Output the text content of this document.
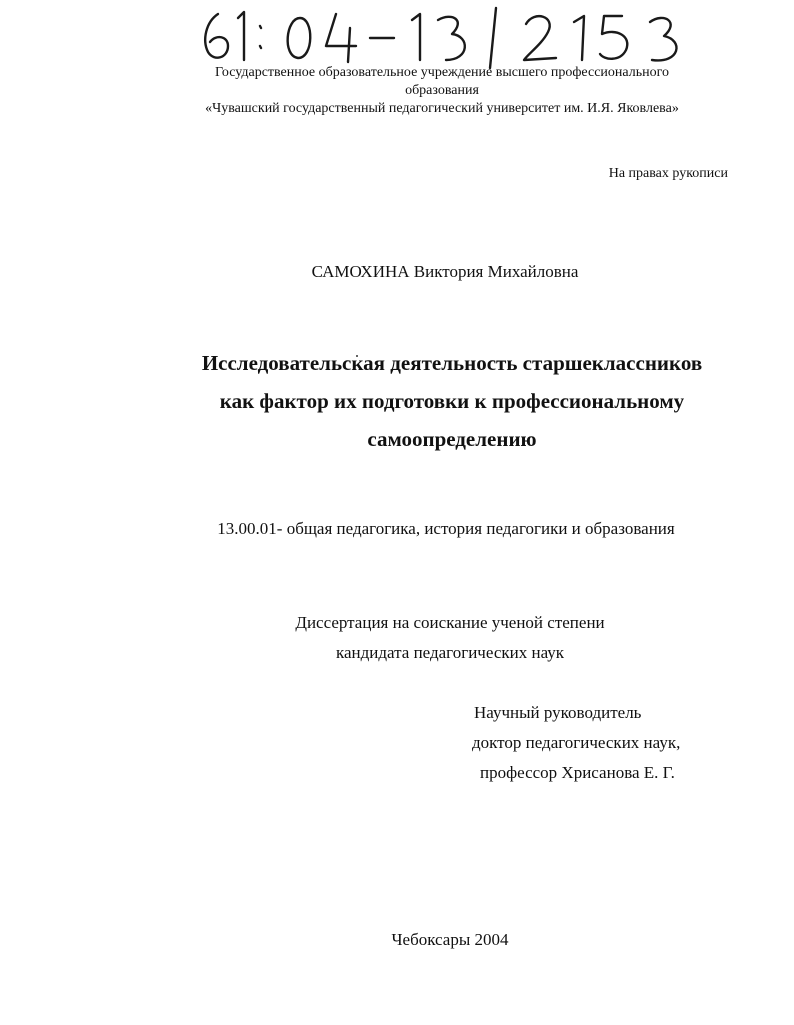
Государственное образовательное учреждение высшего профессионального
образования
«Чувашский государственный педагогический университет им. И.Я. Яковлева»
На правах рукописи
САМОХИНА Виктория Михайловна
Исследовательская деятельность старшеклассников
как фактор их подготовки к профессиональному
самоопределению
13.00.01- общая педагогика, история педагогики и образования
Диссертация на соискание ученой степени
кандидата педагогических наук
Научный руководитель
доктор педагогических наук,
профессор Хрисанова Е. Г.
Чебоксары 2004
